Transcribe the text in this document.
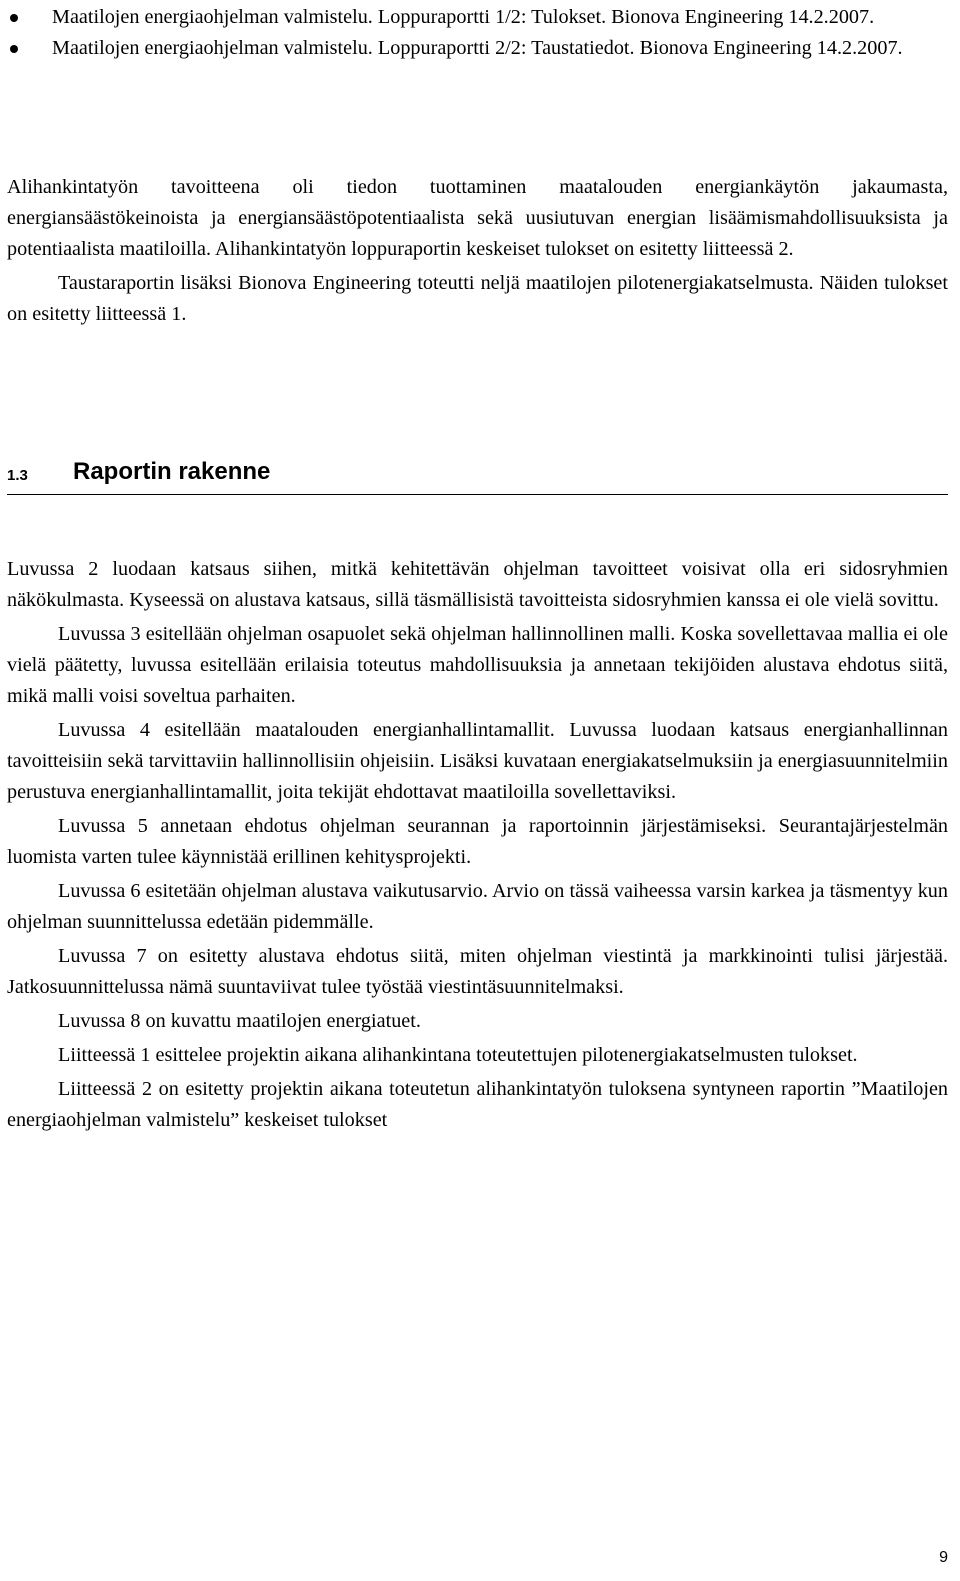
Maatilojen energiaohjelman valmistelu. Loppuraportti 1/2: Tulokset. Bionova Engineering 14.2.2007.
Maatilojen energiaohjelman valmistelu. Loppuraportti 2/2: Taustatiedot. Bionova Engineering 14.2.2007.

Alihankintatyön tavoitteena oli tiedon tuottaminen maatalouden energiankäytön jakaumasta, energiansäästökeinoista ja energiansäästöpotentiaalista sekä uusiutuvan energian lisäämismahdollisuuksista ja potentiaalista maatiloilla. Alihankintatyön loppuraportin keskeiset tulokset on esitetty liitteessä 2.

Taustaraportin lisäksi Bionova Engineering toteutti neljä maatilojen pilotenergiakatselmusta. Näiden tulokset on esitetty liitteessä 1.

1.3 Raportin rakenne

Luvussa 2 luodaan katsaus siihen, mitkä kehitettävän ohjelman tavoitteet voisivat olla eri sidosryhmien näkökulmasta. Kyseessä on alustava katsaus, sillä täsmällisistä tavoitteista sidosryhmien kanssa ei ole vielä sovittu.

Luvussa 3 esitellään ohjelman osapuolet sekä ohjelman hallinnollinen malli. Koska sovellettavaa mallia ei ole vielä päätetty, luvussa esitellään erilaisia toteutus mahdollisuuksia ja annetaan tekijöiden alustava ehdotus siitä, mikä malli voisi soveltua parhaiten.

Luvussa 4 esitellään maatalouden energianhallintamallit. Luvussa luodaan katsaus energianhallinnan tavoitteisiin sekä tarvittaviin hallinnollisiin ohjeisiin. Lisäksi kuvataan energiakatselmuksiin ja energiasuunnitelmiin perustuva energianhallintamallit, joita tekijät ehdottavat maatiloilla sovellettaviksi.

Luvussa 5 annetaan ehdotus ohjelman seurannan ja raportoinnin järjestämiseksi. Seurantajärjestelmän luomista varten tulee käynnistää erillinen kehitysprojekti.

Luvussa 6 esitetään ohjelman alustava vaikutusarvio. Arvio on tässä vaiheessa varsin karkea ja täsmentyy kun ohjelman suunnittelussa edetään pidemmälle.

Luvussa 7 on esitetty alustava ehdotus siitä, miten ohjelman viestintä ja markkinointi tulisi järjestää. Jatkosuunnittelussa nämä suuntaviivat tulee työstää viestintäsuunnitelmaksi.

Luvussa 8 on kuvattu maatilojen energiatuet.

Liitteessä 1 esittelee projektin aikana alihankintana toteutettujen pilotenergiakatselmusten tulokset.

Liitteessä 2 on esitetty projektin aikana toteutetun alihankintatyön tuloksena syntyneen raportin ”Maatilojen energiaohjelman valmistelu” keskeiset tulokset

9
